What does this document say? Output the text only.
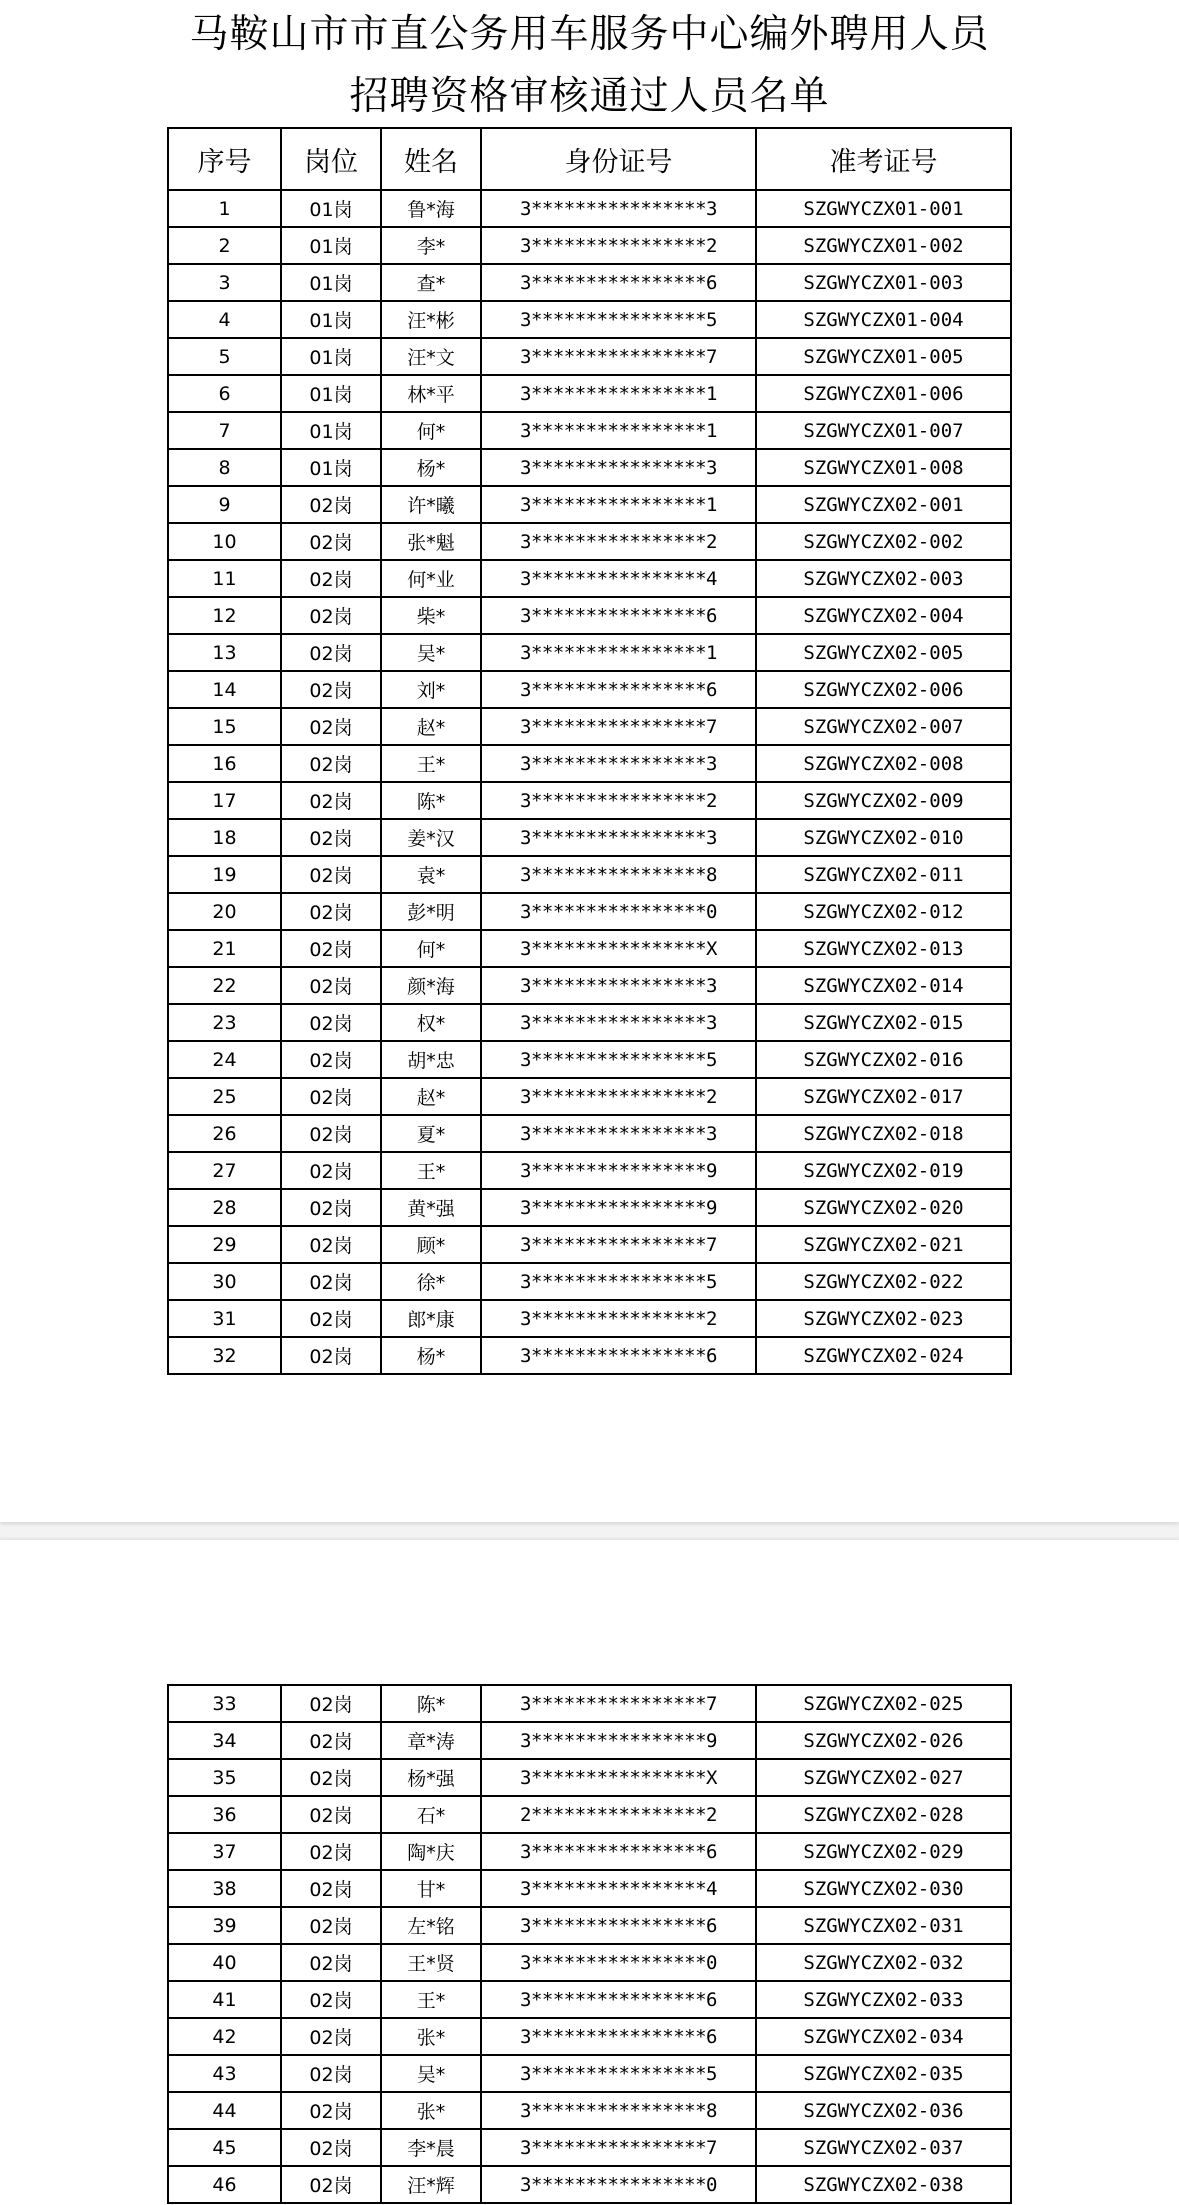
马鞍山市市直公务用车服务中心编外聘用人员
招聘资格审核通过人员名单
序号	岗位	姓名	身份证号	准考证号
1	01岗	鲁*海	3****************3	SZGWYCZX01-001
2	01岗	李*	3****************2	SZGWYCZX01-002
3	01岗	查*	3****************6	SZGWYCZX01-003
4	01岗	汪*彬	3****************5	SZGWYCZX01-004
5	01岗	汪*文	3****************7	SZGWYCZX01-005
6	01岗	林*平	3****************1	SZGWYCZX01-006
7	01岗	何*	3****************1	SZGWYCZX01-007
8	01岗	杨*	3****************3	SZGWYCZX01-008
9	02岗	许*曦	3****************1	SZGWYCZX02-001
10	02岗	张*魁	3****************2	SZGWYCZX02-002
11	02岗	何*业	3****************4	SZGWYCZX02-003
12	02岗	柴*	3****************6	SZGWYCZX02-004
13	02岗	吴*	3****************1	SZGWYCZX02-005
14	02岗	刘*	3****************6	SZGWYCZX02-006
15	02岗	赵*	3****************7	SZGWYCZX02-007
16	02岗	王*	3****************3	SZGWYCZX02-008
17	02岗	陈*	3****************2	SZGWYCZX02-009
18	02岗	姜*汉	3****************3	SZGWYCZX02-010
19	02岗	袁*	3****************8	SZGWYCZX02-011
20	02岗	彭*明	3****************0	SZGWYCZX02-012
21	02岗	何*	3****************X	SZGWYCZX02-013
22	02岗	颜*海	3****************3	SZGWYCZX02-014
23	02岗	权*	3****************3	SZGWYCZX02-015
24	02岗	胡*忠	3****************5	SZGWYCZX02-016
25	02岗	赵*	3****************2	SZGWYCZX02-017
26	02岗	夏*	3****************3	SZGWYCZX02-018
27	02岗	王*	3****************9	SZGWYCZX02-019
28	02岗	黄*强	3****************9	SZGWYCZX02-020
29	02岗	顾*	3****************7	SZGWYCZX02-021
30	02岗	徐*	3****************5	SZGWYCZX02-022
31	02岗	郎*康	3****************2	SZGWYCZX02-023
32	02岗	杨*	3****************6	SZGWYCZX02-024
33	02岗	陈*	3****************7	SZGWYCZX02-025
34	02岗	章*涛	3****************9	SZGWYCZX02-026
35	02岗	杨*强	3****************X	SZGWYCZX02-027
36	02岗	石*	2****************2	SZGWYCZX02-028
37	02岗	陶*庆	3****************6	SZGWYCZX02-029
38	02岗	甘*	3****************4	SZGWYCZX02-030
39	02岗	左*铭	3****************6	SZGWYCZX02-031
40	02岗	王*贤	3****************0	SZGWYCZX02-032
41	02岗	王*	3****************6	SZGWYCZX02-033
42	02岗	张*	3****************6	SZGWYCZX02-034
43	02岗	吴*	3****************5	SZGWYCZX02-035
44	02岗	张*	3****************8	SZGWYCZX02-036
45	02岗	李*晨	3****************7	SZGWYCZX02-037
46	02岗	汪*辉	3****************0	SZGWYCZX02-038
